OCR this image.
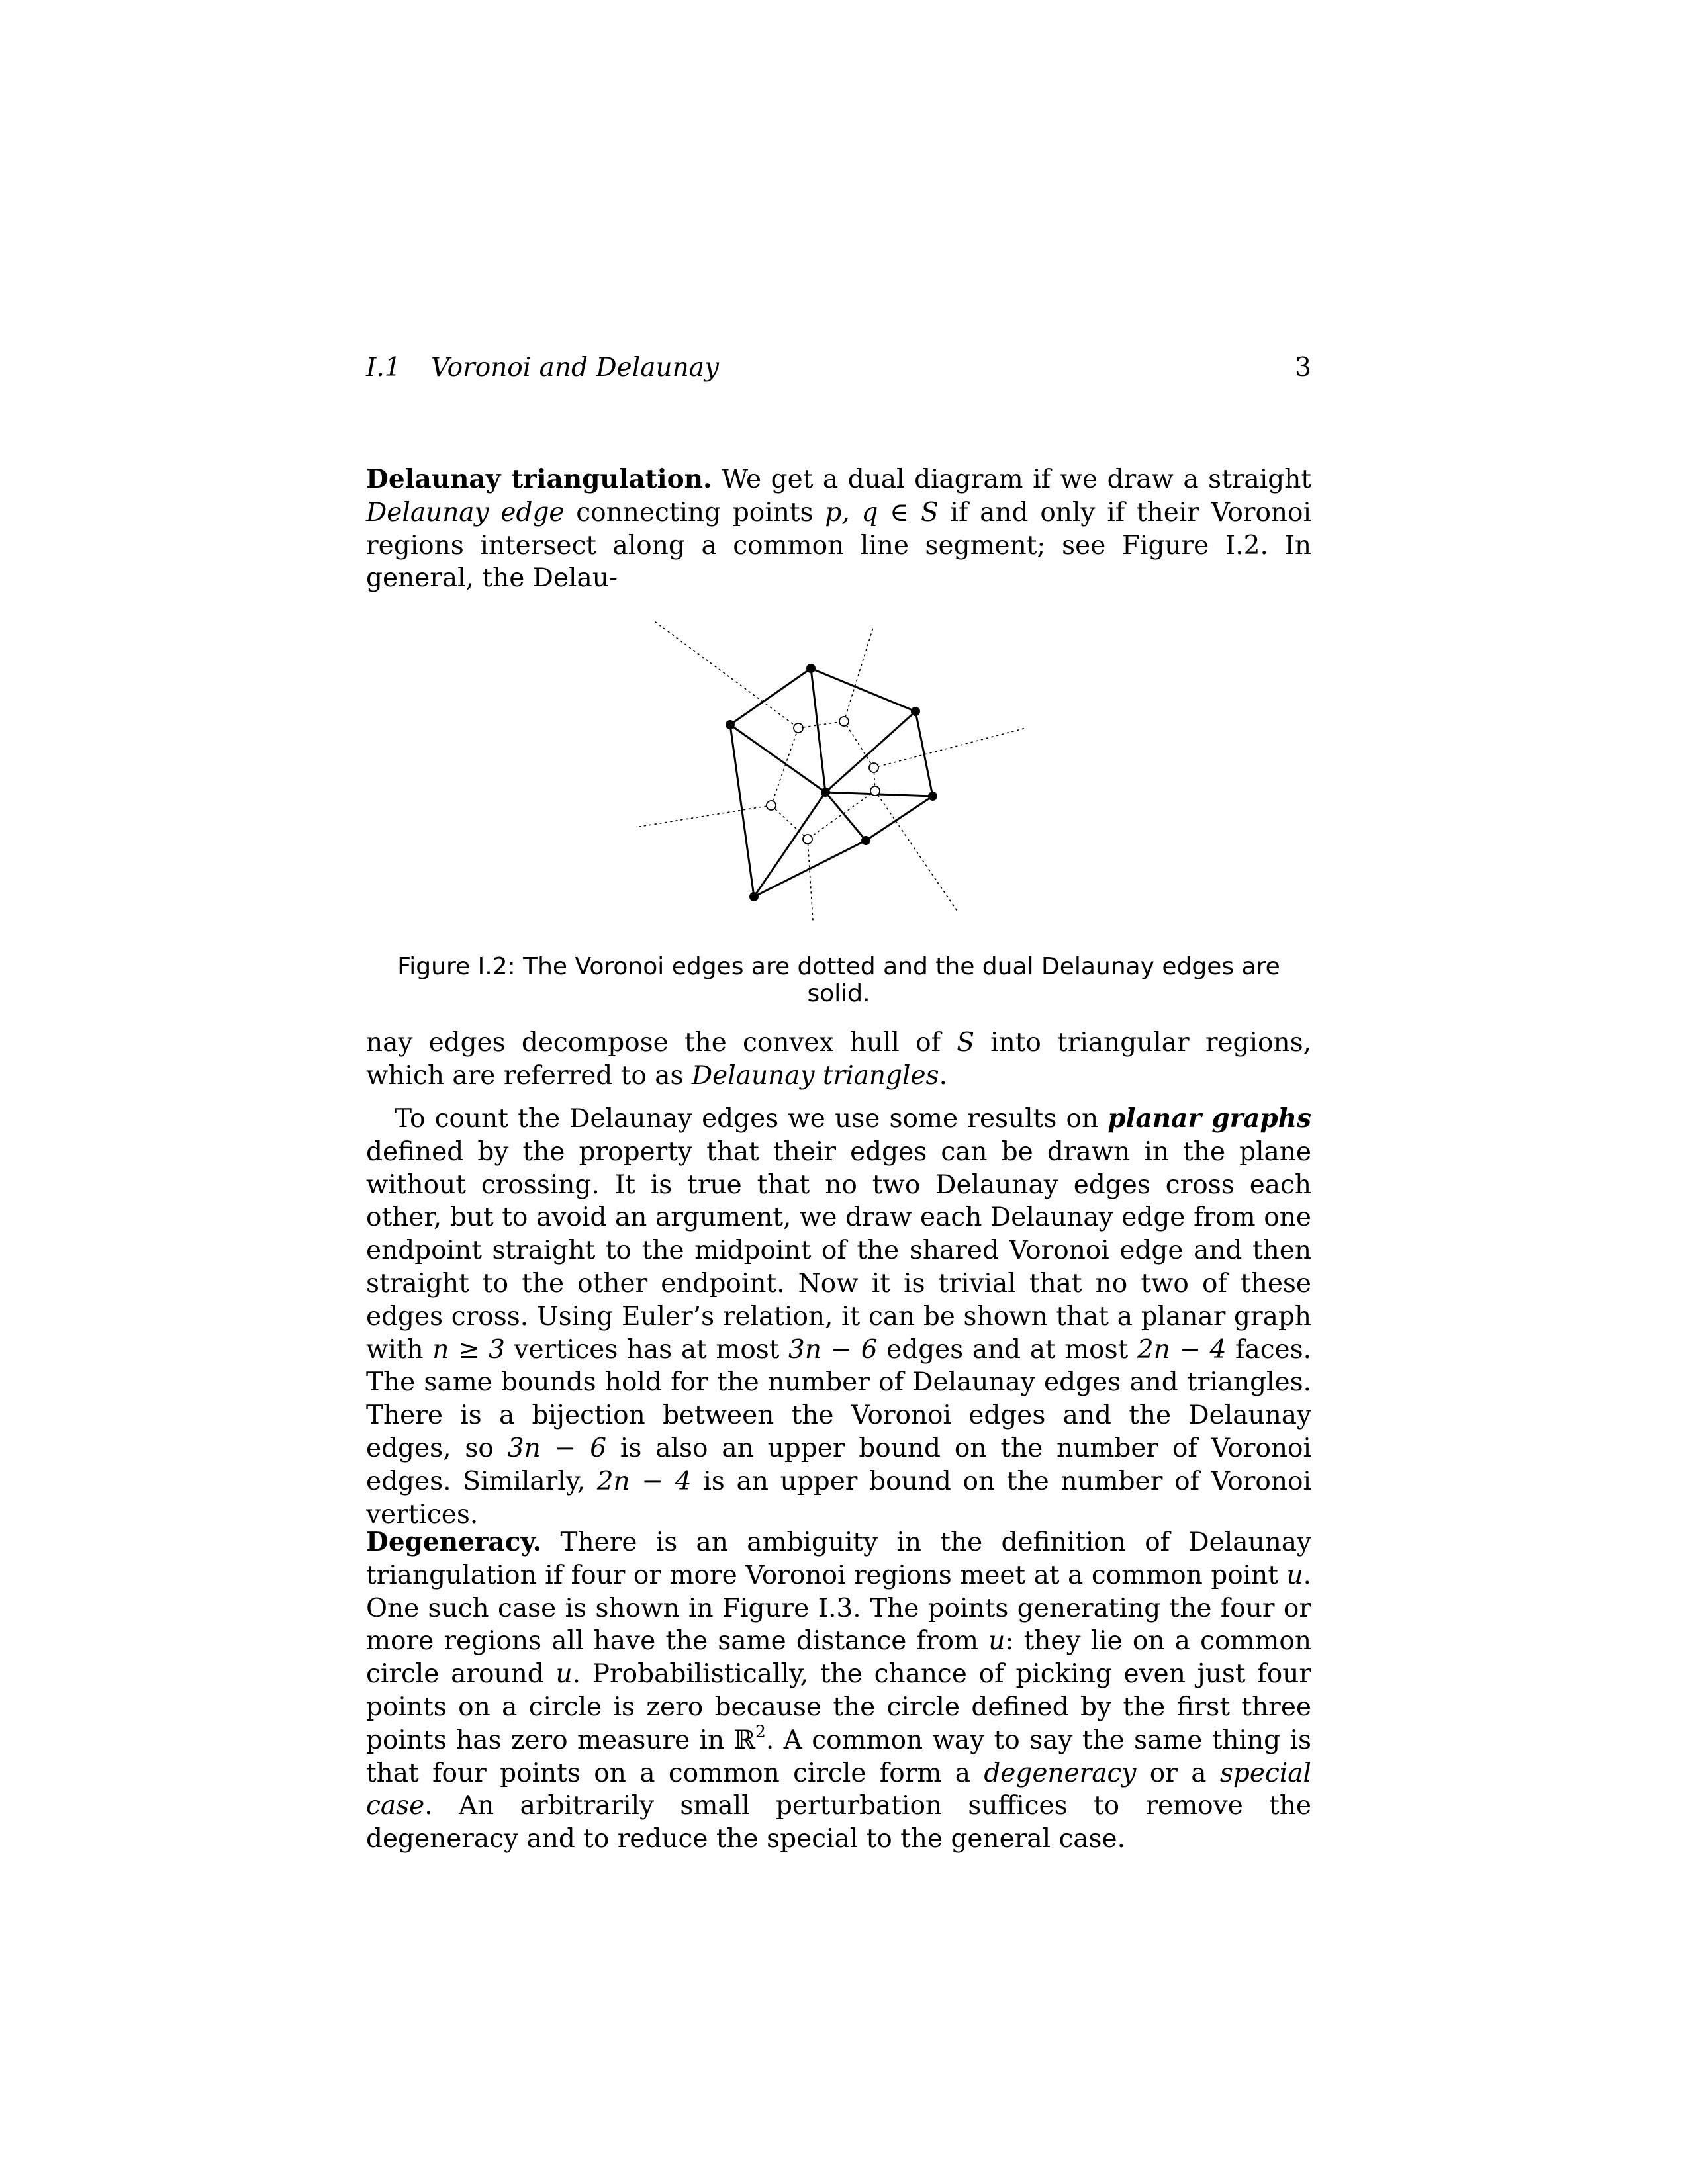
I.1 Voronoi and Delaunay	3

Delaunay triangulation. We get a dual diagram if we draw a straight Delaunay edge connecting points p, q ∈ S if and only if their Voronoi regions intersect along a common line segment; see Figure I.2. In general, the Delau-

Figure I.2: The Voronoi edges are dotted and the dual Delaunay edges are solid.

nay edges decompose the convex hull of S into triangular regions, which are referred to as Delaunay triangles.

To count the Delaunay edges we use some results on planar graphs defined by the property that their edges can be drawn in the plane without crossing. It is true that no two Delaunay edges cross each other, but to avoid an argument, we draw each Delaunay edge from one endpoint straight to the midpoint of the shared Voronoi edge and then straight to the other endpoint. Now it is trivial that no two of these edges cross. Using Euler’s relation, it can be shown that a planar graph with n ≥ 3 vertices has at most 3n − 6 edges and at most 2n − 4 faces. The same bounds hold for the number of Delaunay edges and triangles. There is a bijection between the Voronoi edges and the Delaunay edges, so 3n − 6 is also an upper bound on the number of Voronoi edges. Similarly, 2n − 4 is an upper bound on the number of Voronoi vertices.

Degeneracy. There is an ambiguity in the definition of Delaunay triangulation if four or more Voronoi regions meet at a common point u. One such case is shown in Figure I.3. The points generating the four or more regions all have the same distance from u: they lie on a common circle around u. Probabilistically, the chance of picking even just four points on a circle is zero because the circle defined by the first three points has zero measure in ℝ$^2$. A common way to say the same thing is that four points on a common circle form a degeneracy or a special case. An arbitrarily small perturbation suffices to remove the degeneracy and to reduce the special to the general case.
